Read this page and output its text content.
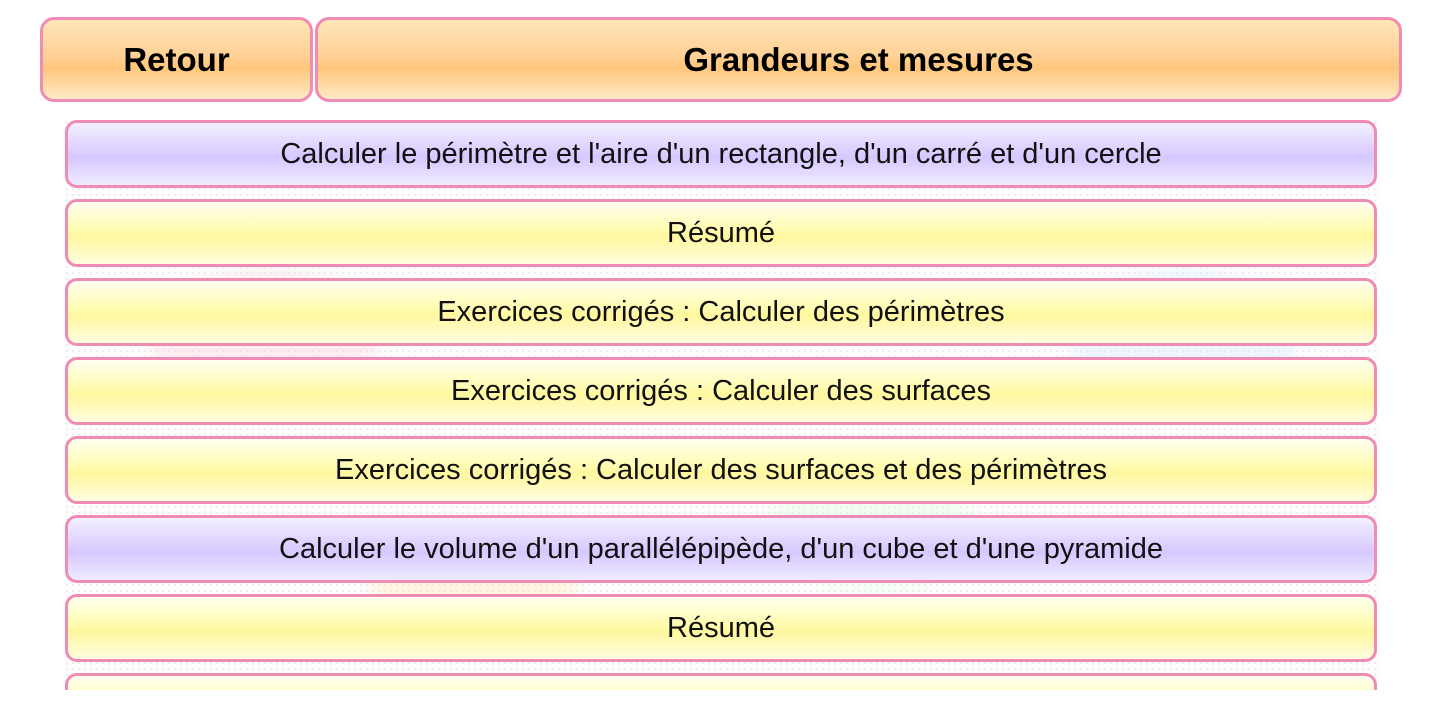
Retour	Grandeurs et mesures
Calculer le périmètre et l'aire d'un rectangle, d'un carré et d'un cercle
Résumé
Exercices corrigés : Calculer des périmètres
Exercices corrigés : Calculer des surfaces
Exercices corrigés : Calculer des surfaces et des périmètres
Calculer le volume d'un parallélépipède, d'un cube et d'une pyramide
Résumé
